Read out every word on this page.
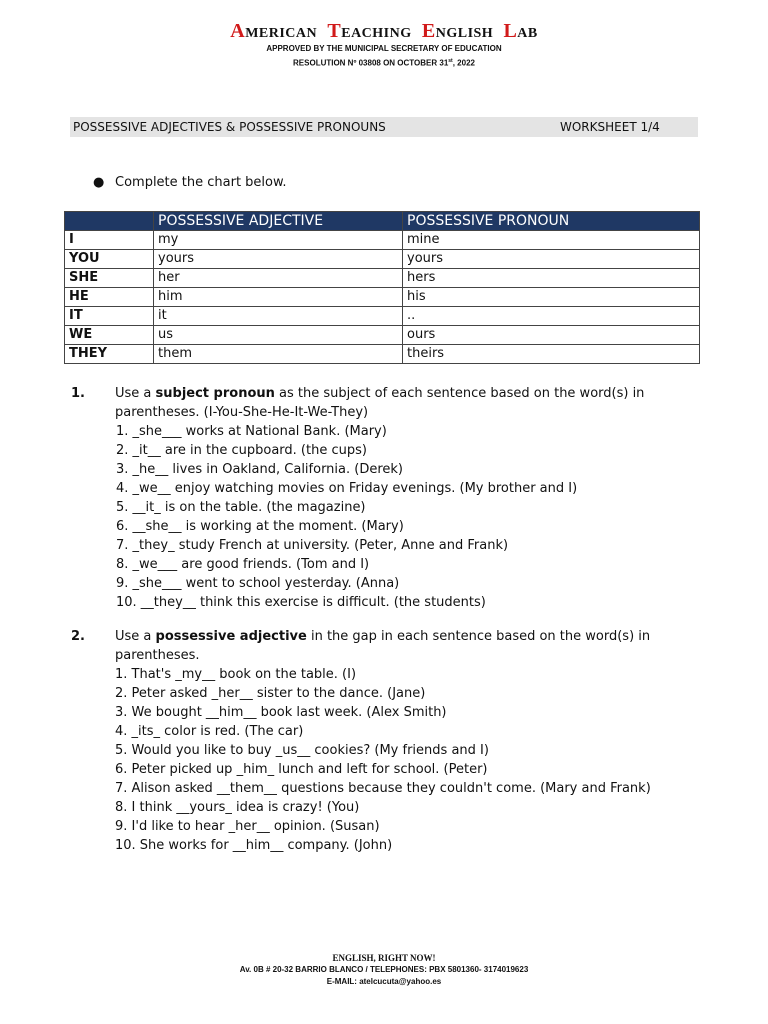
AMERICAN TEACHING ENGLISH LAB
APPROVED BY THE MUNICIPAL SECRETARY OF EDUCATION
RESOLUTION Nº 03808 ON OCTOBER 31st, 2022
POSSESSIVE ADJECTIVES & POSSESSIVE PRONOUNS	WORKSHEET 1/4
● Complete the chart below.
	POSSESSIVE ADJECTIVE	POSSESSIVE PRONOUN
I	my	mine
YOU	yours	yours
SHE	her	hers
HE	him	his
IT	it	..
WE	us	ours
THEY	them	theirs

1. Use a subject pronoun as the subject of each sentence based on the word(s) in parentheses. (I-You-She-He-It-We-They)

1. _she___ works at National Bank. (Mary)
2. _it__ are in the cupboard. (the cups)
3. _he__ lives in Oakland, California. (Derek)
4. _we__ enjoy watching movies on Friday evenings. (My brother and I)
5. __it_ is on the table. (the magazine)
6. __she__ is working at the moment. (Mary)
7. _they_ study French at university. (Peter, Anne and Frank)
8. _we___ are good friends. (Tom and I)
9. _she___ went to school yesterday. (Anna)
10. __they__ think this exercise is difficult. (the students)

2. Use a possessive adjective in the gap in each sentence based on the word(s) in parentheses.

1. That's _my__ book on the table. (I)
2. Peter asked _her__ sister to the dance. (Jane)
3. We bought __him__ book last week. (Alex Smith)
4. _its_ color is red. (The car)
5. Would you like to buy _us__ cookies? (My friends and I)
6. Peter picked up _him_ lunch and left for school. (Peter)
7. Alison asked __them__ questions because they couldn't come. (Mary and Frank)
8. I think __yours_ idea is crazy! (You)
9. I'd like to hear _her__ opinion. (Susan)
10. She works for __him__ company. (John)
ENGLISH, RIGHT NOW!
Av. 0B # 20-32 BARRIO BLANCO / TELEPHONES: PBX 5801360- 3174019623
E-MAIL: atelcucuta@yahoo.es
